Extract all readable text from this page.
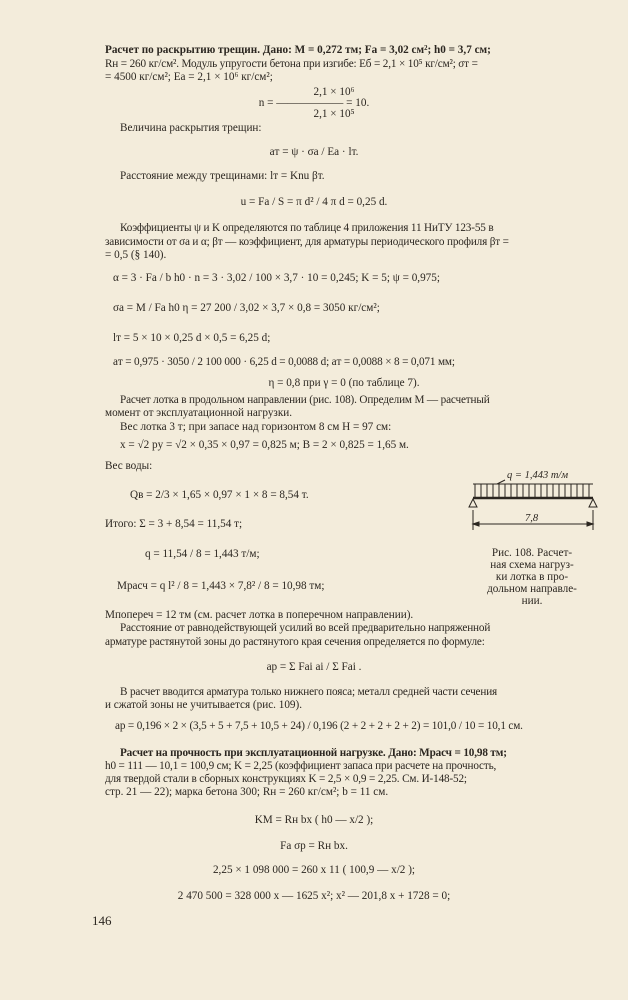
Расчет по раскрытию трещин. Дано: M = 0,272 тм; Fa = 3,02 см²; h0 = 3,7 см;
Rн = 260 кг/см². Модуль упругости бетона при изгибе: Eб = 2,1 × 10⁵ кг/см²; σт =
= 4500 кг/см²; Ea = 2,1 × 10⁶ кг/см²;
2,1 × 10⁶
n = —————— = 10.
2,1 × 10⁵
Величина раскрытия трещин:
aт = ψ · σa / Ea · lт.
Расстояние между трещинами: lт = Knu βт.
u = Fa / S = π d² / 4 π d = 0,25 d.
Коэффициенты ψ и K определяются по таблице 4 приложения 11 НиТУ 123-55 в
зависимости от σa и α; βт — коэффициент, для арматуры периодического профиля βт =
= 0,5 (§ 140).
α = 3 · Fa / b h0 · n = 3 · 3,02 / 100 × 3,7 · 10 = 0,245; K = 5; ψ = 0,975;
σa = M / Fa h0 η = 27 200 / 3,02 × 3,7 × 0,8 = 3050 кг/см²;
lт = 5 × 10 × 0,25 d × 0,5 = 6,25 d;
aт = 0,975 · 3050 / 2 100 000 · 6,25 d = 0,0088 d; aт = 0,0088 × 8 = 0,071 мм;
η = 0,8 при γ = 0 (по таблице 7).
Расчет лотка в продольном направлении (рис. 108). Определим M — расчетный
момент от эксплуатационной нагрузки.
Вес лотка 3 т; при запасе над горизонтом 8 см H = 97 см:
x = √2 py = √2 × 0,35 × 0,97 = 0,825 м; B = 2 × 0,825 = 1,65 м.
Вес воды:
Qв = 2/3 × 1,65 × 0,97 × 1 × 8 = 8,54 т.
Итого: Σ = 3 + 8,54 = 11,54 т;
q = 11,54 / 8 = 1,443 т/м;
Mрасч = q l² / 8 = 1,443 × 7,8² / 8 = 10,98 тм;
q = 1,443 т/м
7,8
Рис. 108. Расчет-
ная схема нагруз-
ки лотка в про-
дольном направле-
нии.
Mпопереч = 12 тм (см. расчет лотка в поперечном направлении).
Расстояние от равнодействующей усилий во всей предварительно напряженной
арматуре растянутой зоны до растянутого края сечения определяется по формуле:
ap = Σ Fai ai / Σ Fai .
В расчет вводится арматура только нижнего пояса; металл средней части сечения
и сжатой зоны не учитывается (рис. 109).
ap = 0,196 × 2 × (3,5 + 5 + 7,5 + 10,5 + 24) / 0,196 (2 + 2 + 2 + 2 + 2) = 101,0 / 10 = 10,1 см.
Расчет на прочность при эксплуатационной нагрузке. Дано: Mрасч = 10,98 тм;
h0 = 111 — 10,1 = 100,9 см; K = 2,25 (коэффициент запаса при расчете на прочность,
для твердой стали в сборных конструкциях K = 2,5 × 0,9 = 2,25. См. И-148-52;
стр. 21 — 22); марка бетона 300; Rн = 260 кг/см²; b = 11 см.
KM = Rн bx ( h0 — x/2 );
Fa σp = Rн bx.
2,25 × 1 098 000 = 260 x 11 ( 100,9 — x/2 );
2 470 500 = 328 000 x — 1625 x²; x² — 201,8 x + 1728 = 0;
146
